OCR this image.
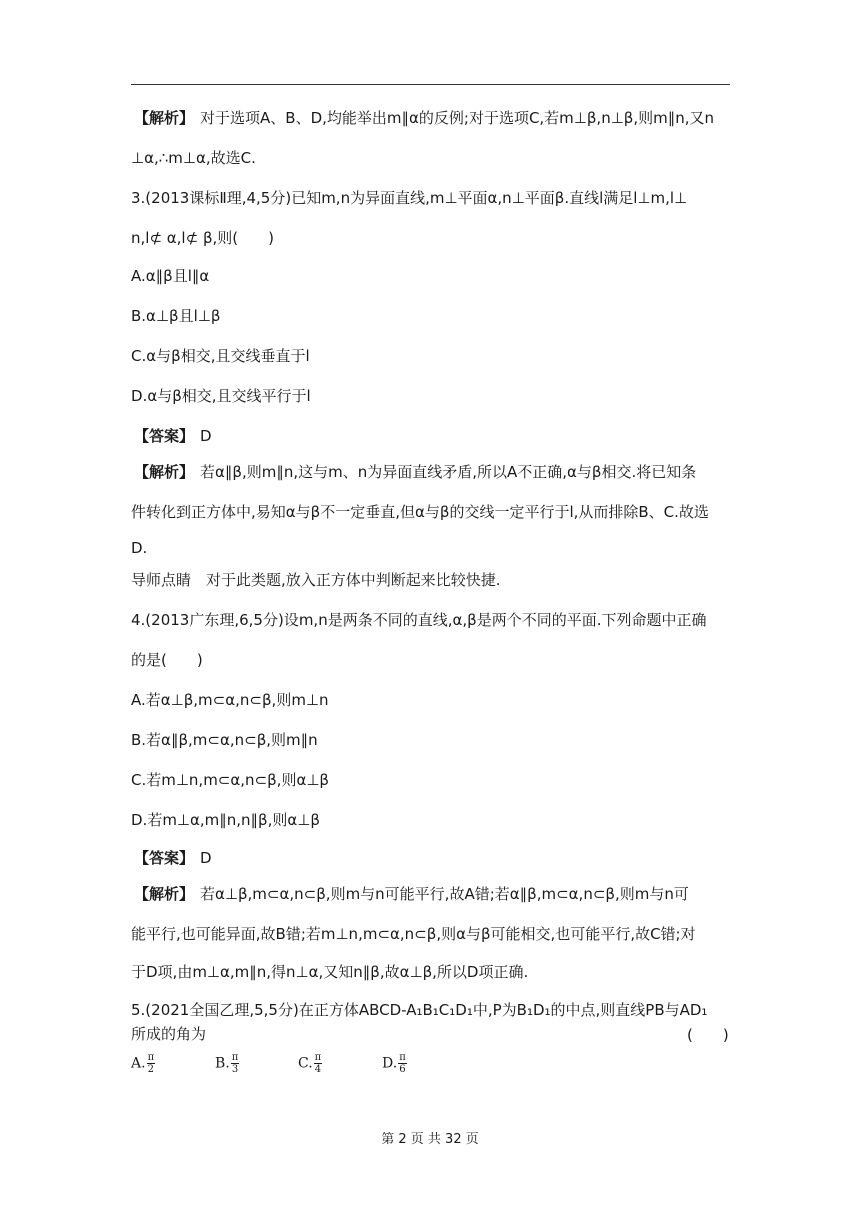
【解析】 对于选项A、B、D,均能举出m∥α的反例;对于选项C,若m⊥β,n⊥β,则m∥n,又n
⊥α,∴m⊥α,故选C.
3.(2013课标Ⅱ理,4,5分)已知m,n为异面直线,m⊥平面α,n⊥平面β.直线l满足l⊥m,l⊥
n,l⊄ α,l⊄ β,则(　　)
A.α∥β且l∥α
B.α⊥β且l⊥β
C.α与β相交,且交线垂直于l
D.α与β相交,且交线平行于l
【答案】 D
【解析】 若α∥β,则m∥n,这与m、n为异面直线矛盾,所以A不正确,α与β相交.将已知条
件转化到正方体中,易知α与β不一定垂直,但α与β的交线一定平行于l,从而排除B、C.故选
D.
导师点睛　对于此类题,放入正方体中判断起来比较快捷.
4.(2013广东理,6,5分)设m,n是两条不同的直线,α,β是两个不同的平面.下列命题中正确
的是(　　)
A.若α⊥β,m⊂α,n⊂β,则m⊥n
B.若α∥β,m⊂α,n⊂β,则m∥n
C.若m⊥n,m⊂α,n⊂β,则α⊥β
D.若m⊥α,m∥n,n∥β,则α⊥β
【答案】 D
【解析】 若α⊥β,m⊂α,n⊂β,则m与n可能平行,故A错;若α∥β,m⊂α,n⊂β,则m与n可
能平行,也可能异面,故B错;若m⊥n,m⊂α,n⊂β,则α与β可能相交,也可能平行,故C错;对
于D项,由m⊥α,m∥n,得n⊥α,又知n∥β,故α⊥β,所以D项正确.
5.(2021全国乙理,5,5分)在正方体ABCD-A₁B₁C₁D₁中,P为B₁D₁的中点,则直线PB与AD₁
所成的角为	(　　)
A. $\frac{\pi}{2}$	B. $\frac{\pi}{3}$	C. $\frac{\pi}{4}$	D. $\frac{\pi}{6}$
第 2 页 共 32 页
